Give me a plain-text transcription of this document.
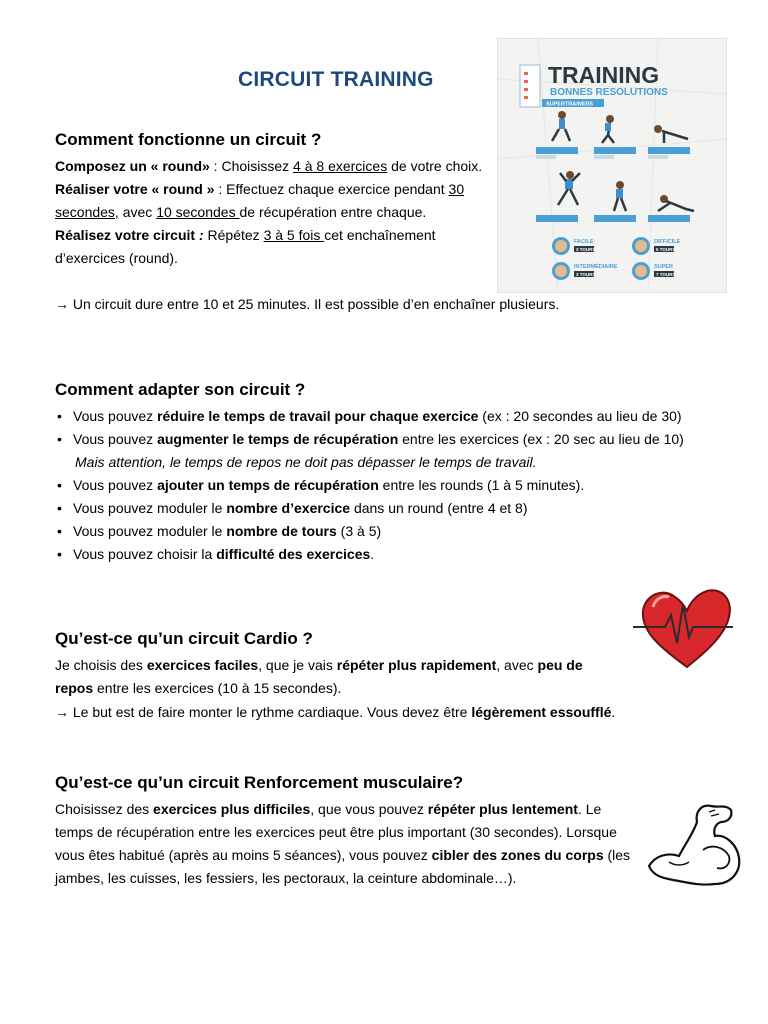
CIRCUIT TRAINING
Comment fonctionne un circuit ?

Composez un « round» : Choisissez 4 à 8 exercices de votre choix.

Réaliser votre « round » : Effectuez chaque exercice pendant 30
secondes, avec 10 secondes de récupération entre chaque.

Réalisez votre circuit : Répétez 3 à 5 fois cet enchaînement
d’exercices (round).

→ Un circuit dure entre 10 et 25 minutes. Il est possible d’en enchaîner plusieurs.
TRAINING
BONNES RESOLUTIONS
SUPERTRAINERS
FACILE
3 TOURS
DIFFICILE
5 TOURS
INTERMÉDIAIRE
3 TOURS
SUPER
7 TOURS
Comment adapter son circuit ?
• Vous pouvez réduire le temps de travail pour chaque exercice (ex : 20 secondes au lieu de 30)
• Vous pouvez augmenter le temps de récupération entre les exercices (ex : 20 sec au lieu de 10)
Mais attention, le temps de repos ne doit pas dépasser le temps de travail.
• Vous pouvez ajouter un temps de récupération entre les rounds (1 à 5 minutes).
• Vous pouvez moduler le nombre d’exercice dans un round (entre 4 et 8)
• Vous pouvez moduler le nombre de tours (3 à 5)
• Vous pouvez choisir la difficulté des exercices.
Qu’est-ce qu’un circuit Cardio ?

Je choisis des exercices faciles, que je vais répéter plus rapidement, avec peu de
repos entre les exercices (10 à 15 secondes).

→ Le but est de faire monter le rythme cardiaque. Vous devez être légèrement essoufflé.
Qu’est-ce qu’un circuit Renforcement musculaire?

Choisissez des exercices plus difficiles, que vous pouvez répéter plus lentement. Le
temps de récupération entre les exercices peut être plus important (30 secondes). Lorsque
vous êtes habitué (après au moins 5 séances), vous pouvez cibler des zones du corps (les
jambes, les cuisses, les fessiers, les pectoraux, la ceinture abdominale…).
